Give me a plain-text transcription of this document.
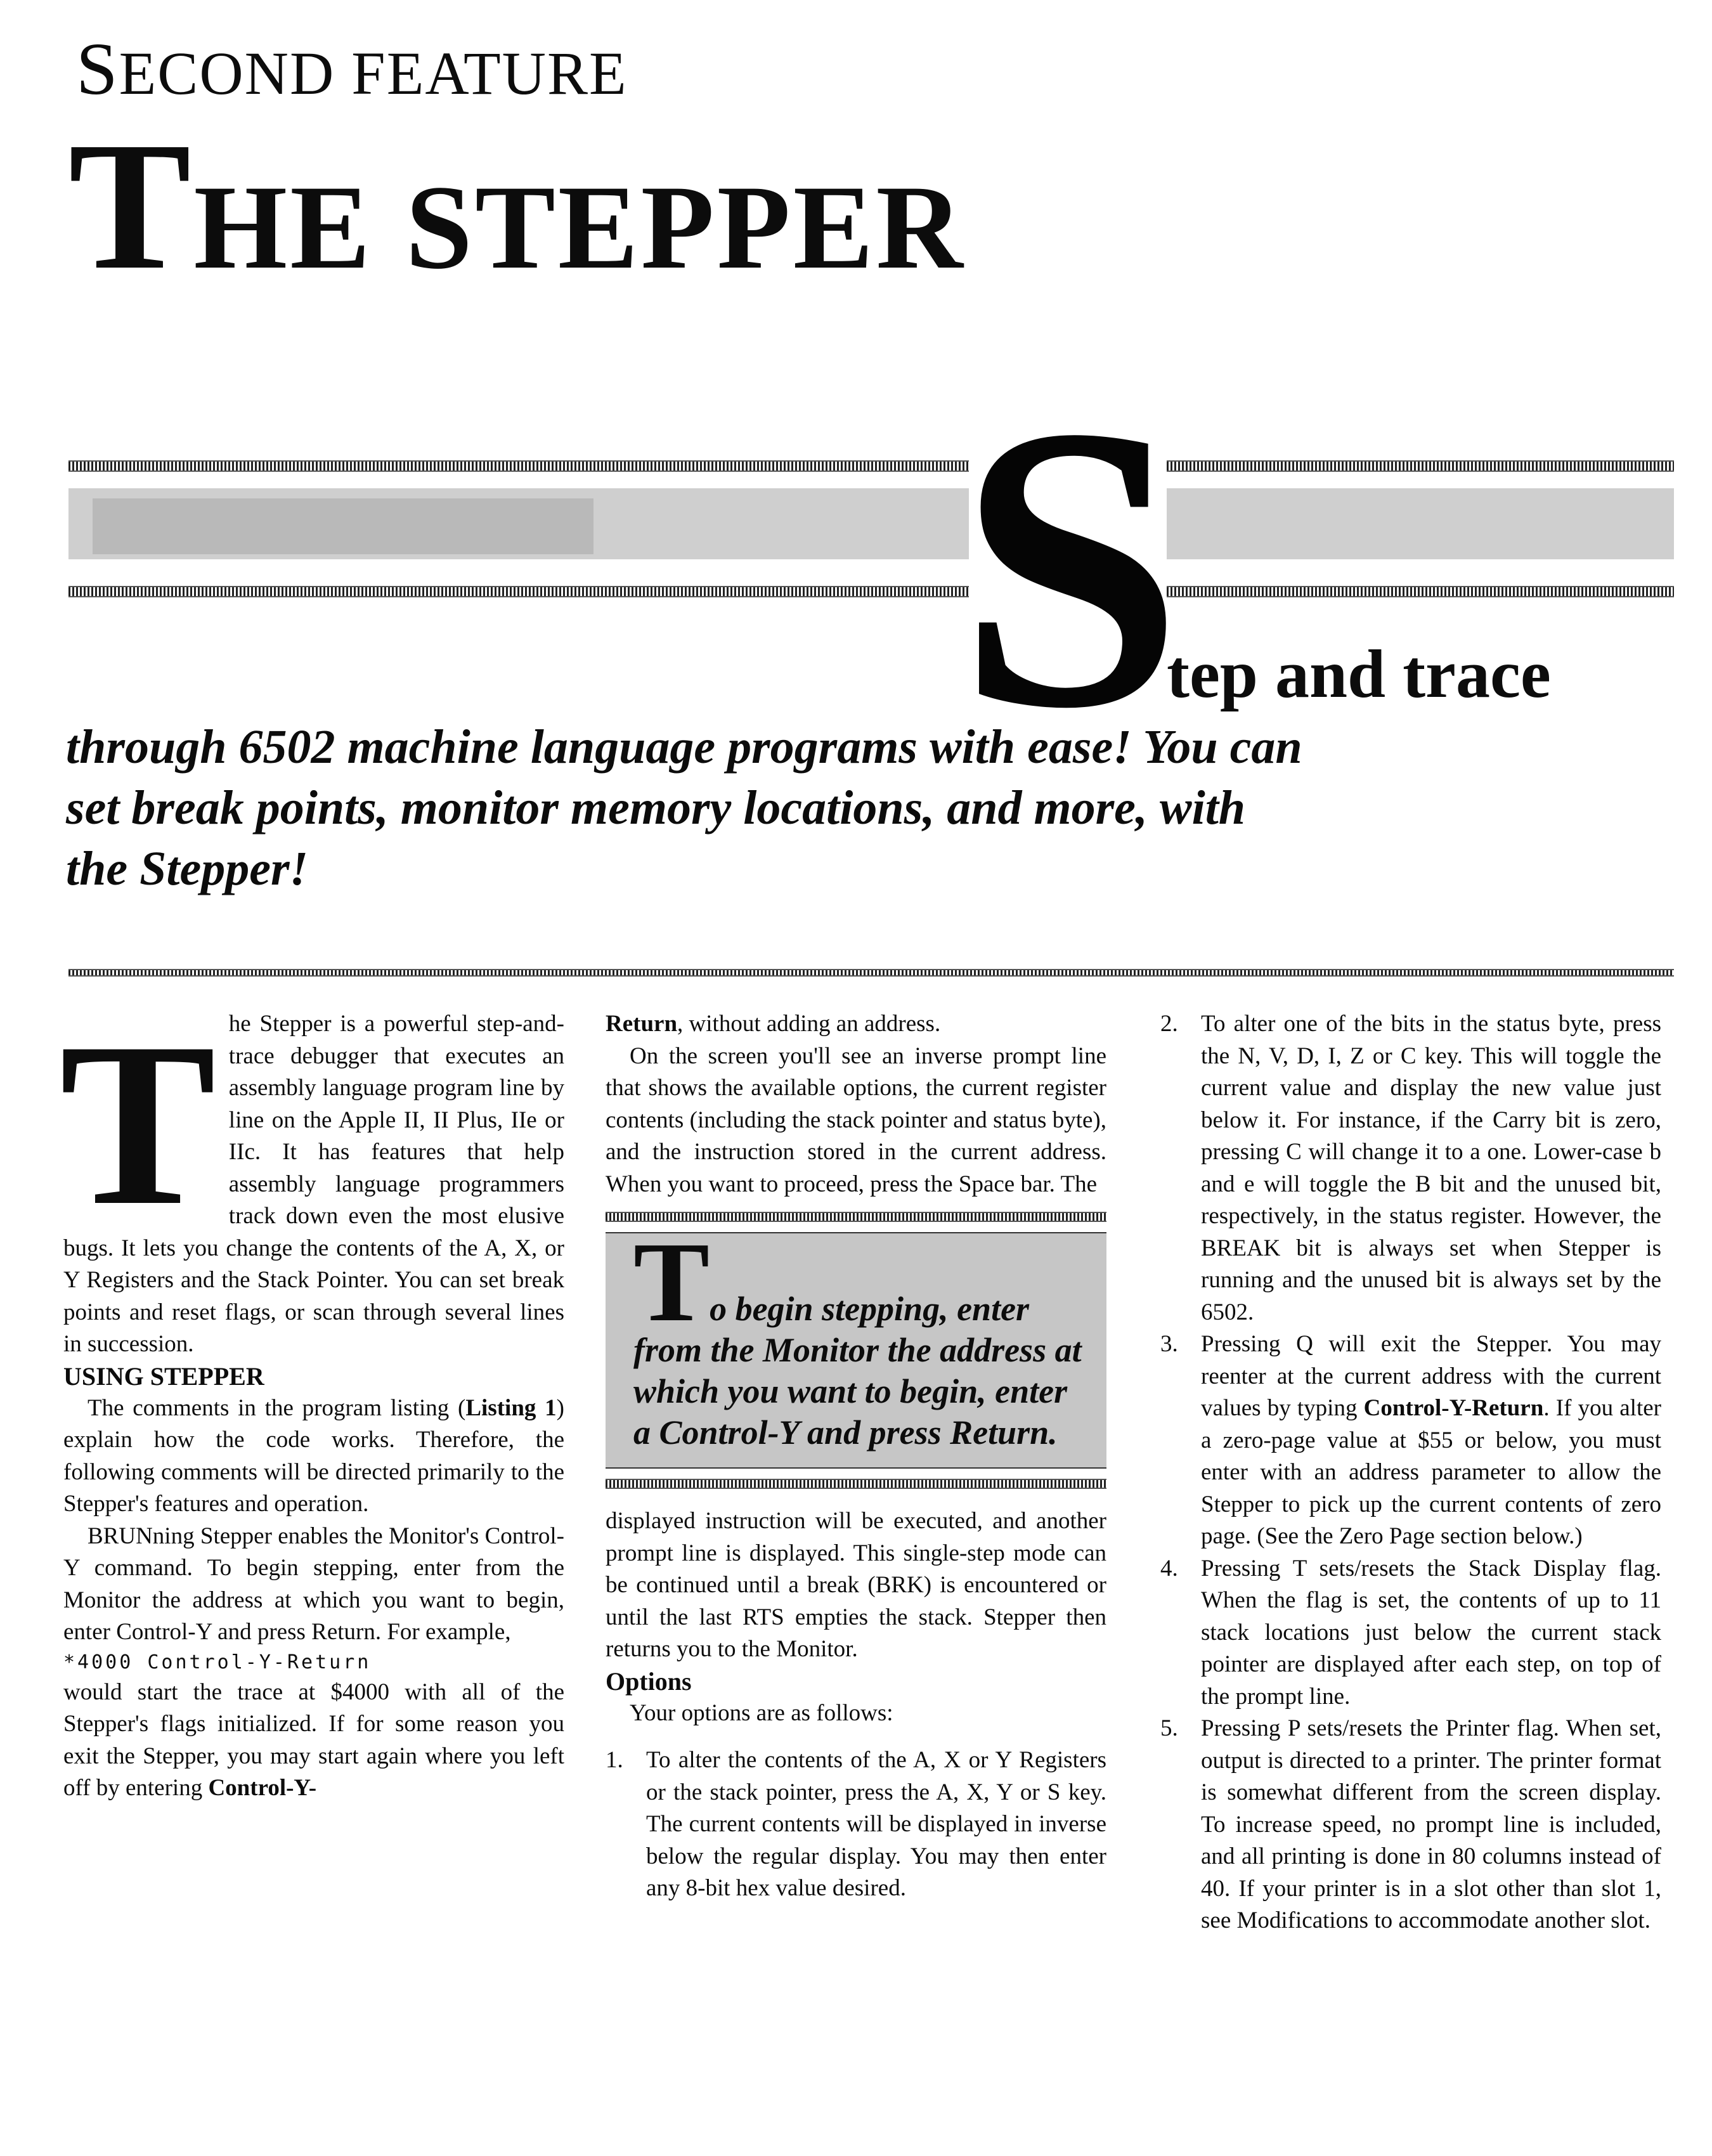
SECOND FEATURE
THE STEPPER
S
tep and trace
through 6502 machine language programs with ease! You can
set break points, monitor memory locations, and more, with
the Stepper!

The Stepper is a powerful step-and-trace debugger that executes an assembly language program line by line on the Apple II, II Plus, IIe or IIc. It has features that help assembly language programmers track down even the most elusive bugs. It lets you change the contents of the A, X, or Y Registers and the Stack Pointer. You can set break points and reset flags, or scan through several lines in succession.

USING STEPPER

The comments in the program listing (Listing 1) explain how the code works. Therefore, the following comments will be directed primarily to the Stepper's features and operation.

BRUNning Stepper enables the Monitor's Control-Y command. To begin stepping, enter from the Monitor the address at which you want to begin, enter Control-Y and press Return. For example,

*4000 Control-Y-Return

would start the trace at $4000 with all of the Stepper's flags initialized. If for some reason you exit the Stepper, you may start again where you left off by entering Control-Y-

Return, without adding an address.

On the screen you'll see an inverse prompt line that shows the available options, the current register contents (including the stack pointer and status byte), and the instruction stored in the current address. When you want to proceed, press the Space bar. The

To begin stepping, enter from the Monitor the address at which you want to begin, enter a Control-Y and press Return.

displayed instruction will be executed, and another prompt line is displayed. This single-step mode can be continued until a break (BRK) is encountered or until the last RTS empties the stack. Stepper then returns you to the Monitor.

Options

Your options are as follows:

1. To alter the contents of the A, X or Y Registers or the stack pointer, press the A, X, Y or S key. The current contents will be displayed in inverse below the regular display. You may then enter any 8-bit hex value desired.
2. To alter one of the bits in the status byte, press the N, V, D, I, Z or C key. This will toggle the current value and display the new value just below it. For instance, if the Carry bit is zero, pressing C will change it to a one. Lower-case b and e will toggle the B bit and the unused bit, respectively, in the status register. However, the BREAK bit is always set when Stepper is running and the unused bit is always set by the 6502.
3. Pressing Q will exit the Stepper. You may reenter at the current address with the current values by typing Control-Y-Return. If you alter a zero-page value at $55 or below, you must enter with an address parameter to allow the Stepper to pick up the current contents of zero page. (See the Zero Page section below.)
4. Pressing T sets/resets the Stack Display flag. When the flag is set, the contents of up to 11 stack locations just below the current stack pointer are displayed after each step, on top of the prompt line.
5. Pressing P sets/resets the Printer flag. When set, output is directed to a printer. The printer format is somewhat different from the screen display. To increase speed, no prompt line is included, and all printing is done in 80 columns instead of 40. If your printer is in a slot other than slot 1, see Modifications to accommodate another slot.
